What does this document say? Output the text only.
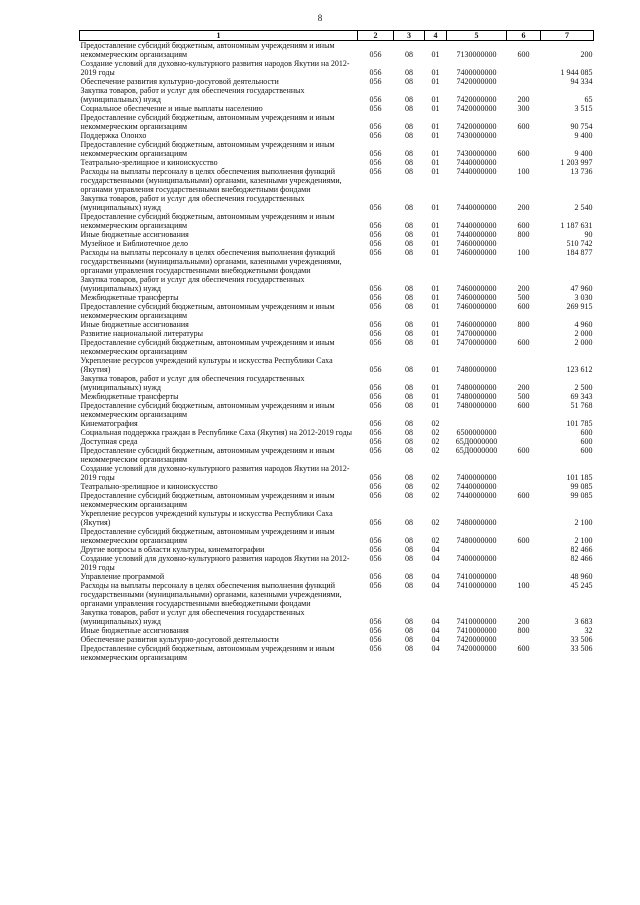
8
1	2	3	4	5	6	7
Предоставление субсидий бюджетным, автономным учреждениям и иным некоммерческим организациям	056	08	01	7130000000	600	200
Создание условий для духовно-культурного развития народов Якутии на 2012-2019 годы	056	08	01	7400000000		1 944 085
Обеспечение развития культурно-досуговой деятельности	056	08	01	7420000000		94 334
Закупка товаров, работ и услуг для обеспечения государственных (муниципальных) нужд	056	08	01	7420000000	200	65
Социальное обеспечение и иные выплаты населению	056	08	01	7420000000	300	3 515
Предоставление субсидий бюджетным, автономным учреждениям и иным некоммерческим организациям	056	08	01	7420000000	600	90 754
Поддержка Олонхо	056	08	01	7430000000		9 400
Предоставление субсидий бюджетным, автономным учреждениям и иным некоммерческим организациям	056	08	01	7430000000	600	9 400
Театрально-зрелищное и киноискусство	056	08	01	7440000000		1 203 997
Расходы на выплаты персоналу в целях обеспечения выполнения функций государственными (муниципальными) органами, казенными учреждениями, органами управления государственными внебюджетными фондами	056	08	01	7440000000	100	13 736
Закупка товаров, работ и услуг для обеспечения государственных (муниципальных) нужд	056	08	01	7440000000	200	2 540
Предоставление субсидий бюджетным, автономным учреждениям и иным некоммерческим организациям	056	08	01	7440000000	600	1 187 631
Иные бюджетные ассигнования	056	08	01	7440000000	800	90
Музейное и Библиотечное дело	056	08	01	7460000000		510 742
Расходы на выплаты персоналу в целях обеспечения выполнения функций государственными (муниципальными) органами, казенными учреждениями, органами управления государственными внебюджетными фондами	056	08	01	7460000000	100	184 877
Закупка товаров, работ и услуг для обеспечения государственных (муниципальных) нужд	056	08	01	7460000000	200	47 960
Межбюджетные трансферты	056	08	01	7460000000	500	3 030
Предоставление субсидий бюджетным, автономным учреждениям и иным некоммерческим организациям	056	08	01	7460000000	600	269 915
Иные бюджетные ассигнования	056	08	01	7460000000	800	4 960
Развитие национальной литературы	056	08	01	7470000000		2 000
Предоставление субсидий бюджетным, автономным учреждениям и иным некоммерческим организациям	056	08	01	7470000000	600	2 000
Укрепление ресурсов учреждений культуры и искусства Республики Саха (Якутия)	056	08	01	7480000000		123 612
Закупка товаров, работ и услуг для обеспечения государственных (муниципальных) нужд	056	08	01	7480000000	200	2 500
Межбюджетные трансферты	056	08	01	7480000000	500	69 343
Предоставление субсидий бюджетным, автономным учреждениям и иным некоммерческим организациям	056	08	01	7480000000	600	51 768
Кинематография	056	08	02			101 785
Социальная поддержка граждан в Республике Саха (Якутия) на 2012-2019 годы	056	08	02	6500000000		600
Доступная среда	056	08	02	65Д0000000		600
Предоставление субсидий бюджетным, автономным учреждениям и иным некоммерческим организациям	056	08	02	65Д0000000	600	600
Создание условий для духовно-культурного развития народов Якутии на 2012-2019 годы	056	08	02	7400000000		101 185
Театрально-зрелищное и киноискусство	056	08	02	7440000000		99 085
Предоставление субсидий бюджетным, автономным учреждениям и иным некоммерческим организациям	056	08	02	7440000000	600	99 085
Укрепление ресурсов учреждений культуры и искусства Республики Саха (Якутия)	056	08	02	7480000000		2 100
Предоставление субсидий бюджетным, автономным учреждениям и иным некоммерческим организациям	056	08	02	7480000000	600	2 100
Другие вопросы в области культуры, кинематографии	056	08	04			82 466
Создание условий для духовно-культурного развития народов Якутии на 2012-2019 годы	056	08	04	7400000000		82 466
Управление программой	056	08	04	7410000000		48 960
Расходы на выплаты персоналу в целях обеспечения выполнения функций государственными (муниципальными) органами, казенными учреждениями, органами управления государственными внебюджетными фондами	056	08	04	7410000000	100	45 245
Закупка товаров, работ и услуг для обеспечения государственных (муниципальных) нужд	056	08	04	7410000000	200	3 683
Иные бюджетные ассигнования	056	08	04	7410000000	800	32
Обеспечение развития культурно-досуговой деятельности	056	08	04	7420000000		33 506
Предоставление субсидий бюджетным, автономным учреждениям и иным некоммерческим организациям	056	08	04	7420000000	600	33 506
